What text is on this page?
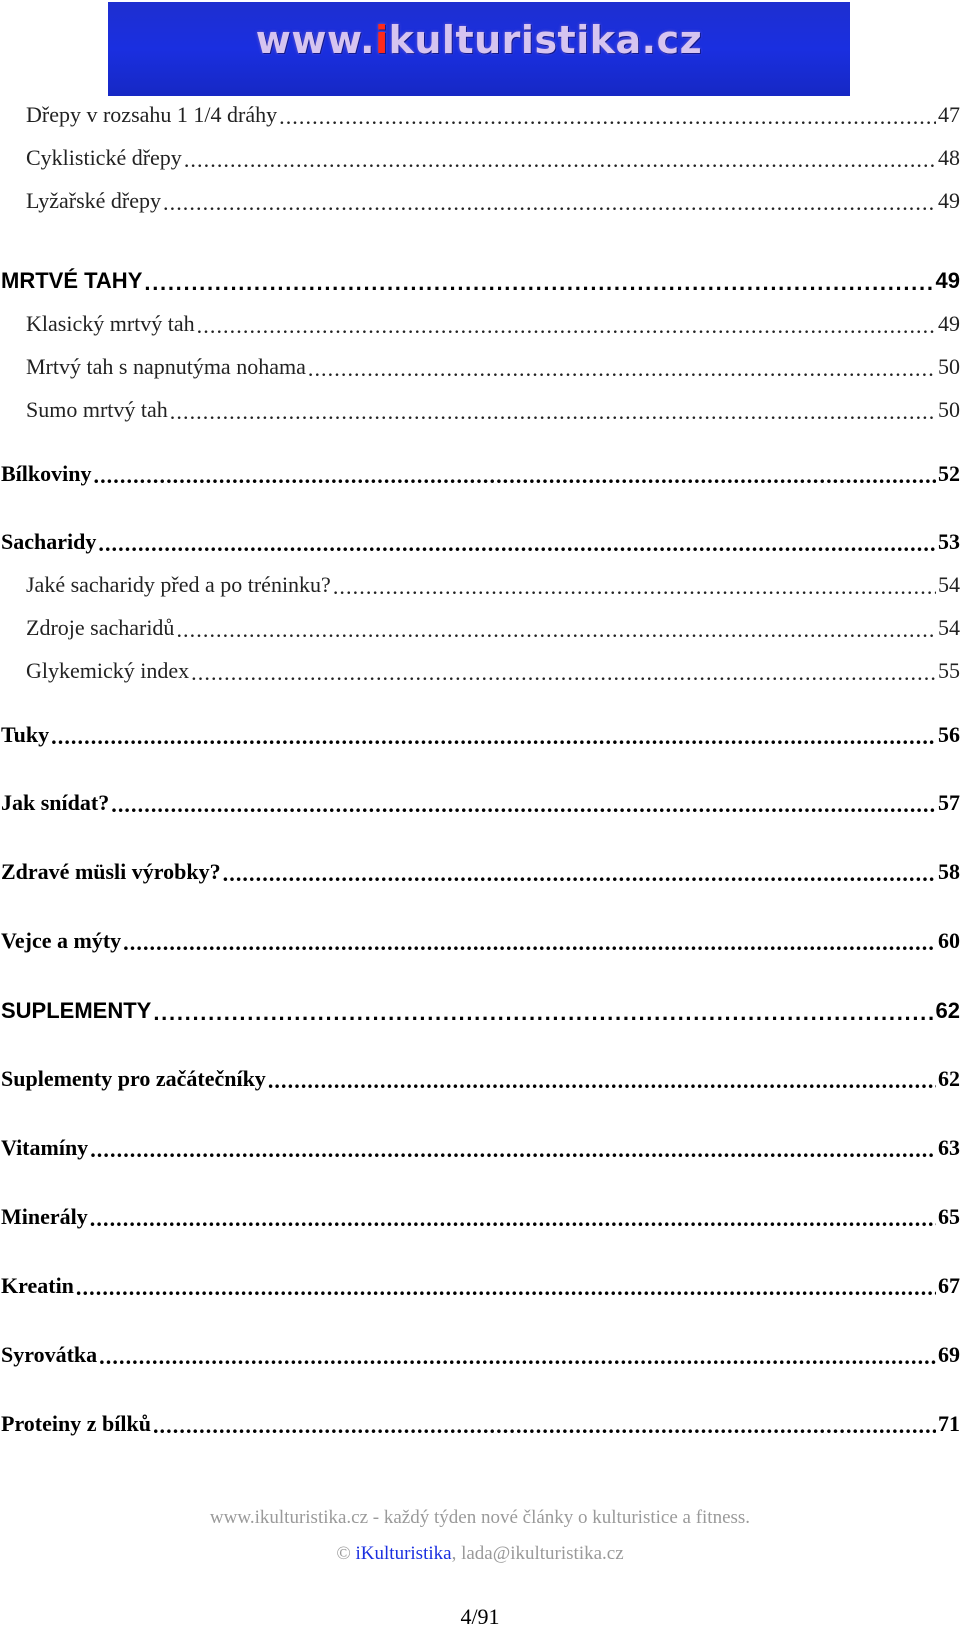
www.ikulturistika.cz
Dřepy v rozsahu 1 1/4 dráhy . . .	47
Cyklistické dřepy . . .	48
Lyžařské dřepy . . .	49
MRTVÉ TAHY . . .	49
Klasický mrtvý tah . . .	49
Mrtvý tah s napnutýma nohama . . .	50
Sumo mrtvý tah . . .	50
Bílkoviny . . .	52
Sacharidy . . .	53
Jaké sacharidy před a po tréninku? . . .	54
Zdroje sacharidů . . .	54
Glykemický index . . .	55
Tuky . . .	56
Jak snídat? . . .	57
Zdravé müsli výrobky? . . .	58
Vejce a mýty . . .	60
SUPLEMENTY . . .	62
Suplementy pro začátečníky . . .	62
Vitamíny . . .	63
Minerály . . .	65
Kreatin . . .	67
Syrovátka . . .	69
Proteiny z bílků . . .	71
www.ikulturistika.cz - každý týden nové články o kulturistice a fitness.
© iKulturistika, lada@ikulturistika.cz
4/91
